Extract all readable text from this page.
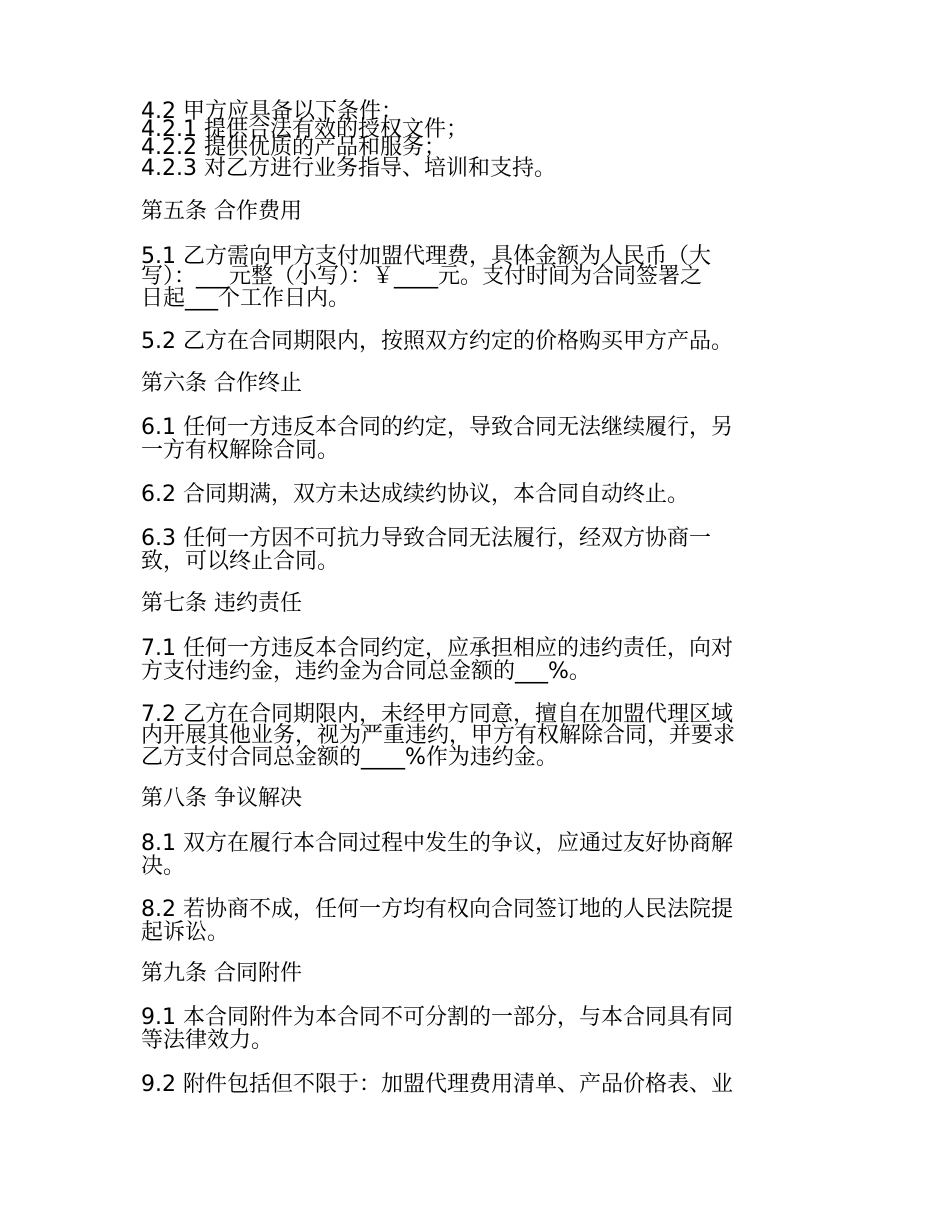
4.2 甲方应具备以下条件：
4.2.1 提供合法有效的授权文件；
4.2.2 提供优质的产品和服务；
4.2.3 对乙方进行业务指导、培训和支持。
第五条 合作费用
5.1 乙方需向甲方支付加盟代理费，具体金额为人民币（大
写）：___元整（小写）：￥____元。支付时间为合同签署之
日起___个工作日内。
5.2 乙方在合同期限内，按照双方约定的价格购买甲方产品。
第六条 合作终止
6.1 任何一方违反本合同的约定，导致合同无法继续履行，另
一方有权解除合同。
6.2 合同期满，双方未达成续约协议，本合同自动终止。
6.3 任何一方因不可抗力导致合同无法履行，经双方协商一
致，可以终止合同。
第七条 违约责任
7.1 任何一方违反本合同约定，应承担相应的违约责任，向对
方支付违约金，违约金为合同总金额的___%。
7.2 乙方在合同期限内，未经甲方同意，擅自在加盟代理区域
内开展其他业务，视为严重违约，甲方有权解除合同，并要求
乙方支付合同总金额的____%作为违约金。
第八条 争议解决
8.1 双方在履行本合同过程中发生的争议，应通过友好协商解
决。
8.2 若协商不成，任何一方均有权向合同签订地的人民法院提
起诉讼。
第九条 合同附件
9.1 本合同附件为本合同不可分割的一部分，与本合同具有同
等法律效力。
9.2 附件包括但不限于：加盟代理费用清单、产品价格表、业
